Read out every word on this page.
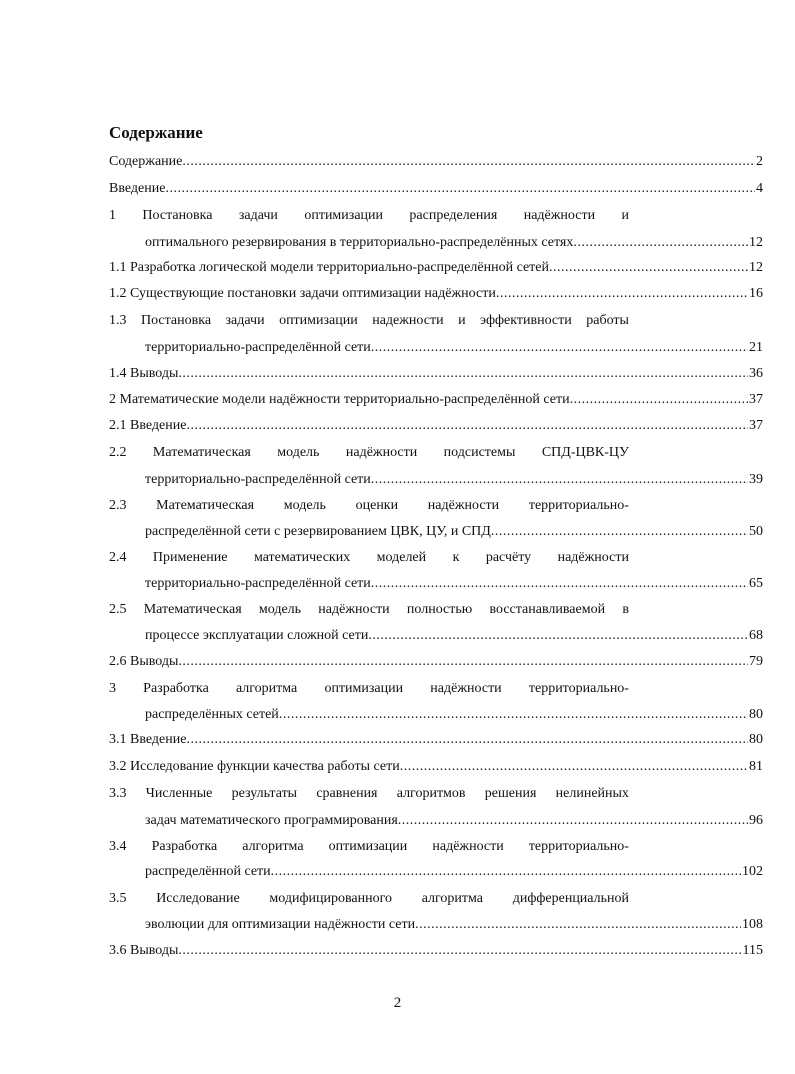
Содержание
Содержание .....	2
Введение .....	4
1 Постановка задачи оптимизации распределения надёжности и
оптимального резервирования в территориально-распределённых сетях .....	12
1.1 Разработка логической модели территориально-распределённой сетей .....	12
1.2 Существующие постановки задачи оптимизации надёжности .....	16
1.3 Постановка задачи оптимизации надежности и эффективности работы
территориально-распределённой сети .....	21
1.4 Выводы .....	36
2 Математические модели надёжности территориально-распределённой сети .....	37
2.1 Введение .....	37
2.2 Математическая модель надёжности подсистемы СПД-ЦВК-ЦУ
территориально-распределённой сети .....	39
2.3 Математическая модель оценки надёжности территориально-
распределённой сети с резервированием ЦВК, ЦУ, и СПД .....	50
2.4 Применение математических моделей к расчёту надёжности
территориально-распределённой сети .....	65
2.5 Математическая модель надёжности полностью восстанавливаемой в
процессе эксплуатации сложной сети .....	68
2.6 Выводы .....	79
3 Разработка алгоритма оптимизации надёжности территориально-
распределённых сетей .....	80
3.1 Введение .....	80
3.2 Исследование функции качества работы сети .....	81
3.3 Численные результаты сравнения алгоритмов решения нелинейных
задач математического программирования .....	96
3.4 Разработка алгоритма оптимизации надёжности территориально-
распределённой сети .....	102
3.5 Исследование модифицированного алгоритма дифференциальной
эволюции для оптимизации надёжности сети .....	108
3.6 Выводы .....	115
2
